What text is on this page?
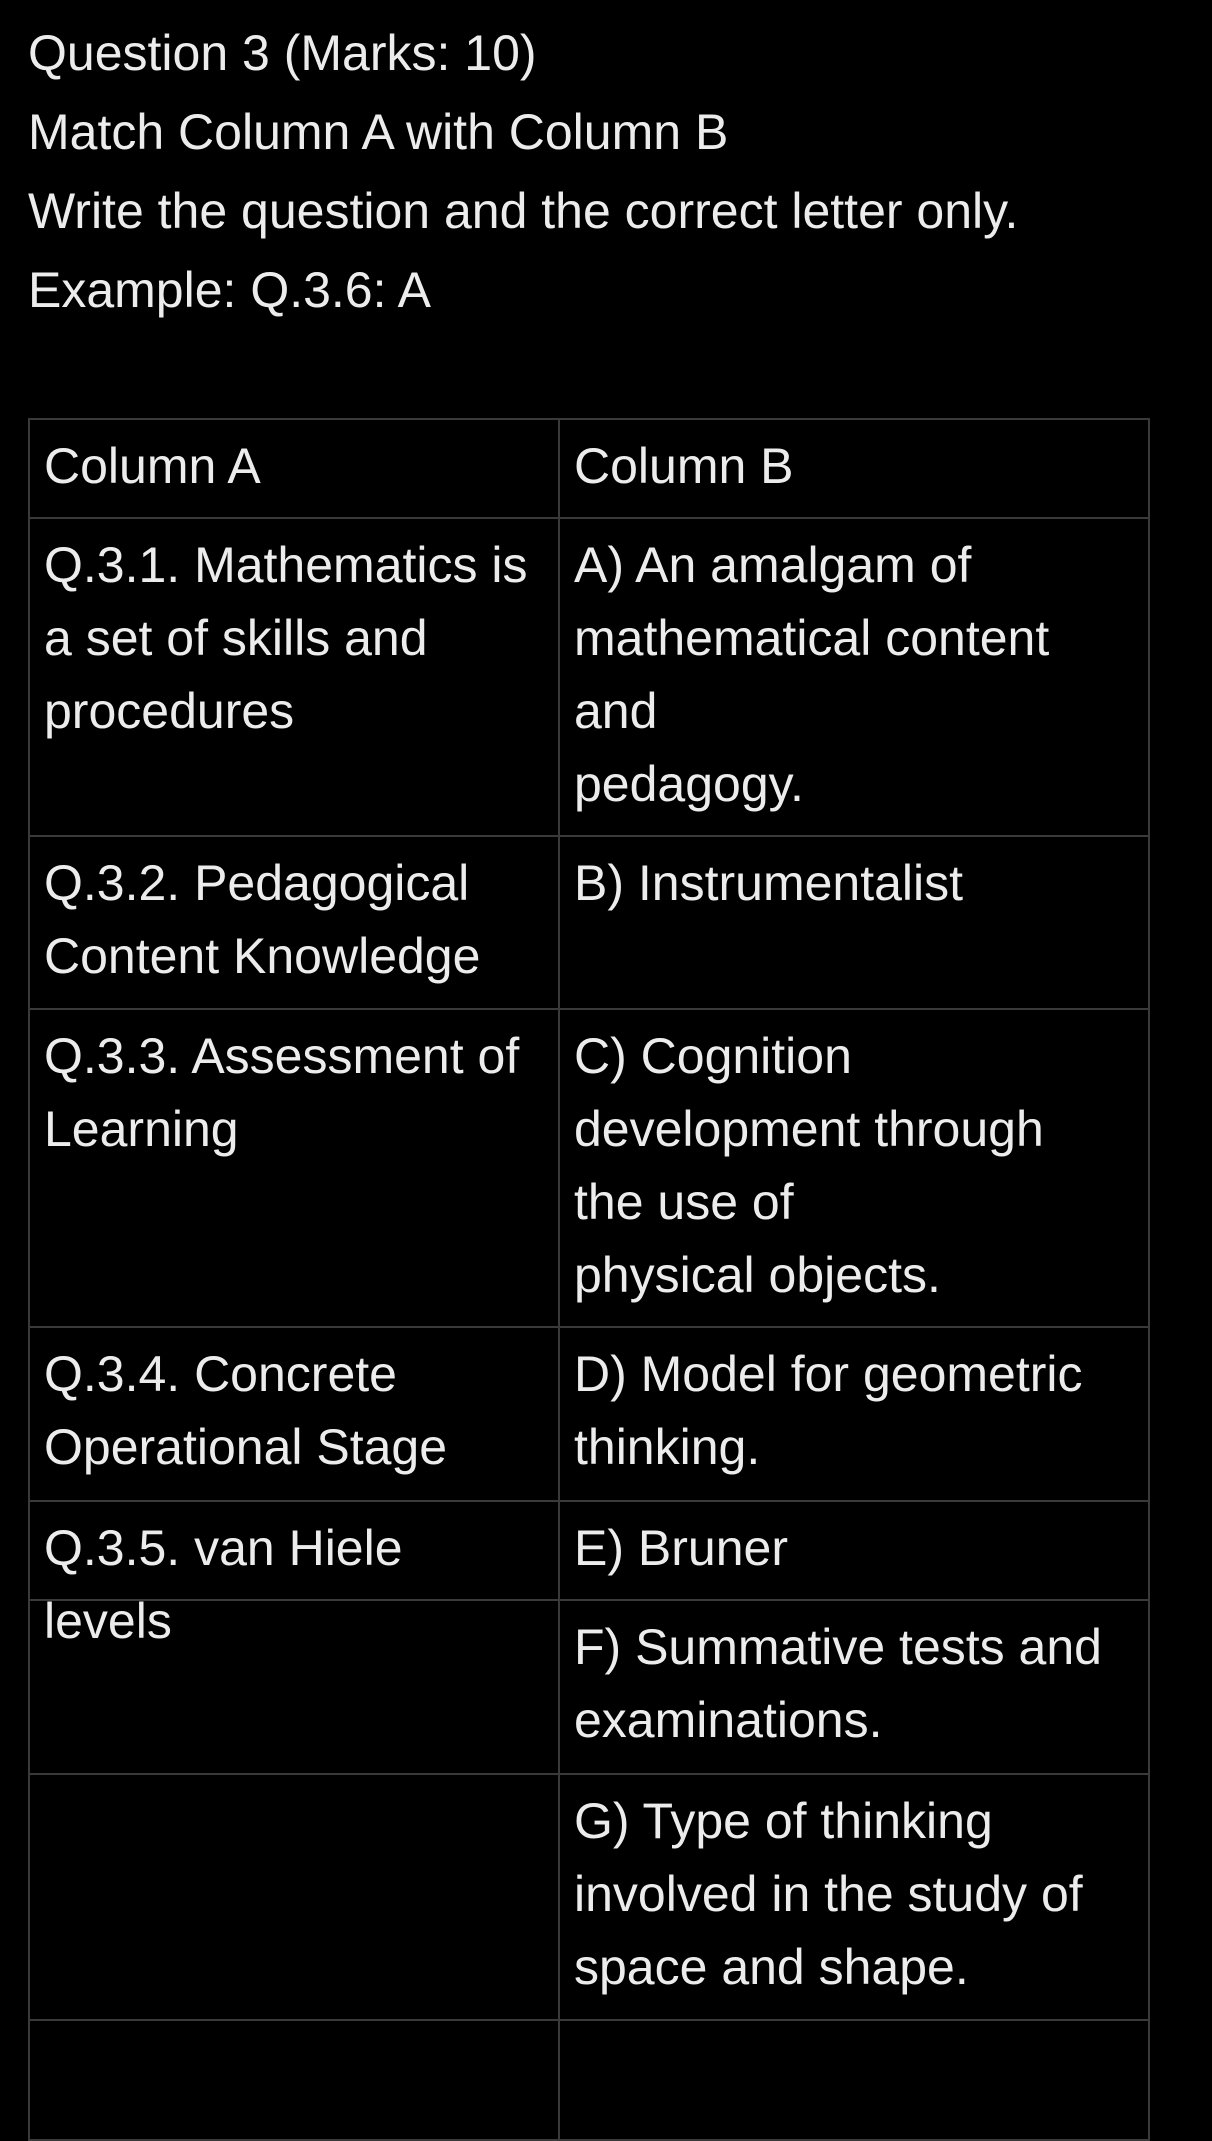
Question 3 (Marks: 10)
Match Column A with Column B
Write the question and the correct letter only.
Example: Q.3.6: A
Column A	Column B
Q.3.1. Mathematics is
a set of skills and
procedures
A) An amalgam of
mathematical content
and
pedagogy.
Q.3.2. Pedagogical
Content Knowledge
B) Instrumentalist
Q.3.3. Assessment of
Learning
C) Cognition
development through
the use of
physical objects.
Q.3.4. Concrete
Operational Stage
D) Model for geometric
thinking.
Q.3.5. van Hiele levels
E) Bruner
F) Summative tests and
examinations.
G) Type of thinking
involved in the study of
space and shape.
